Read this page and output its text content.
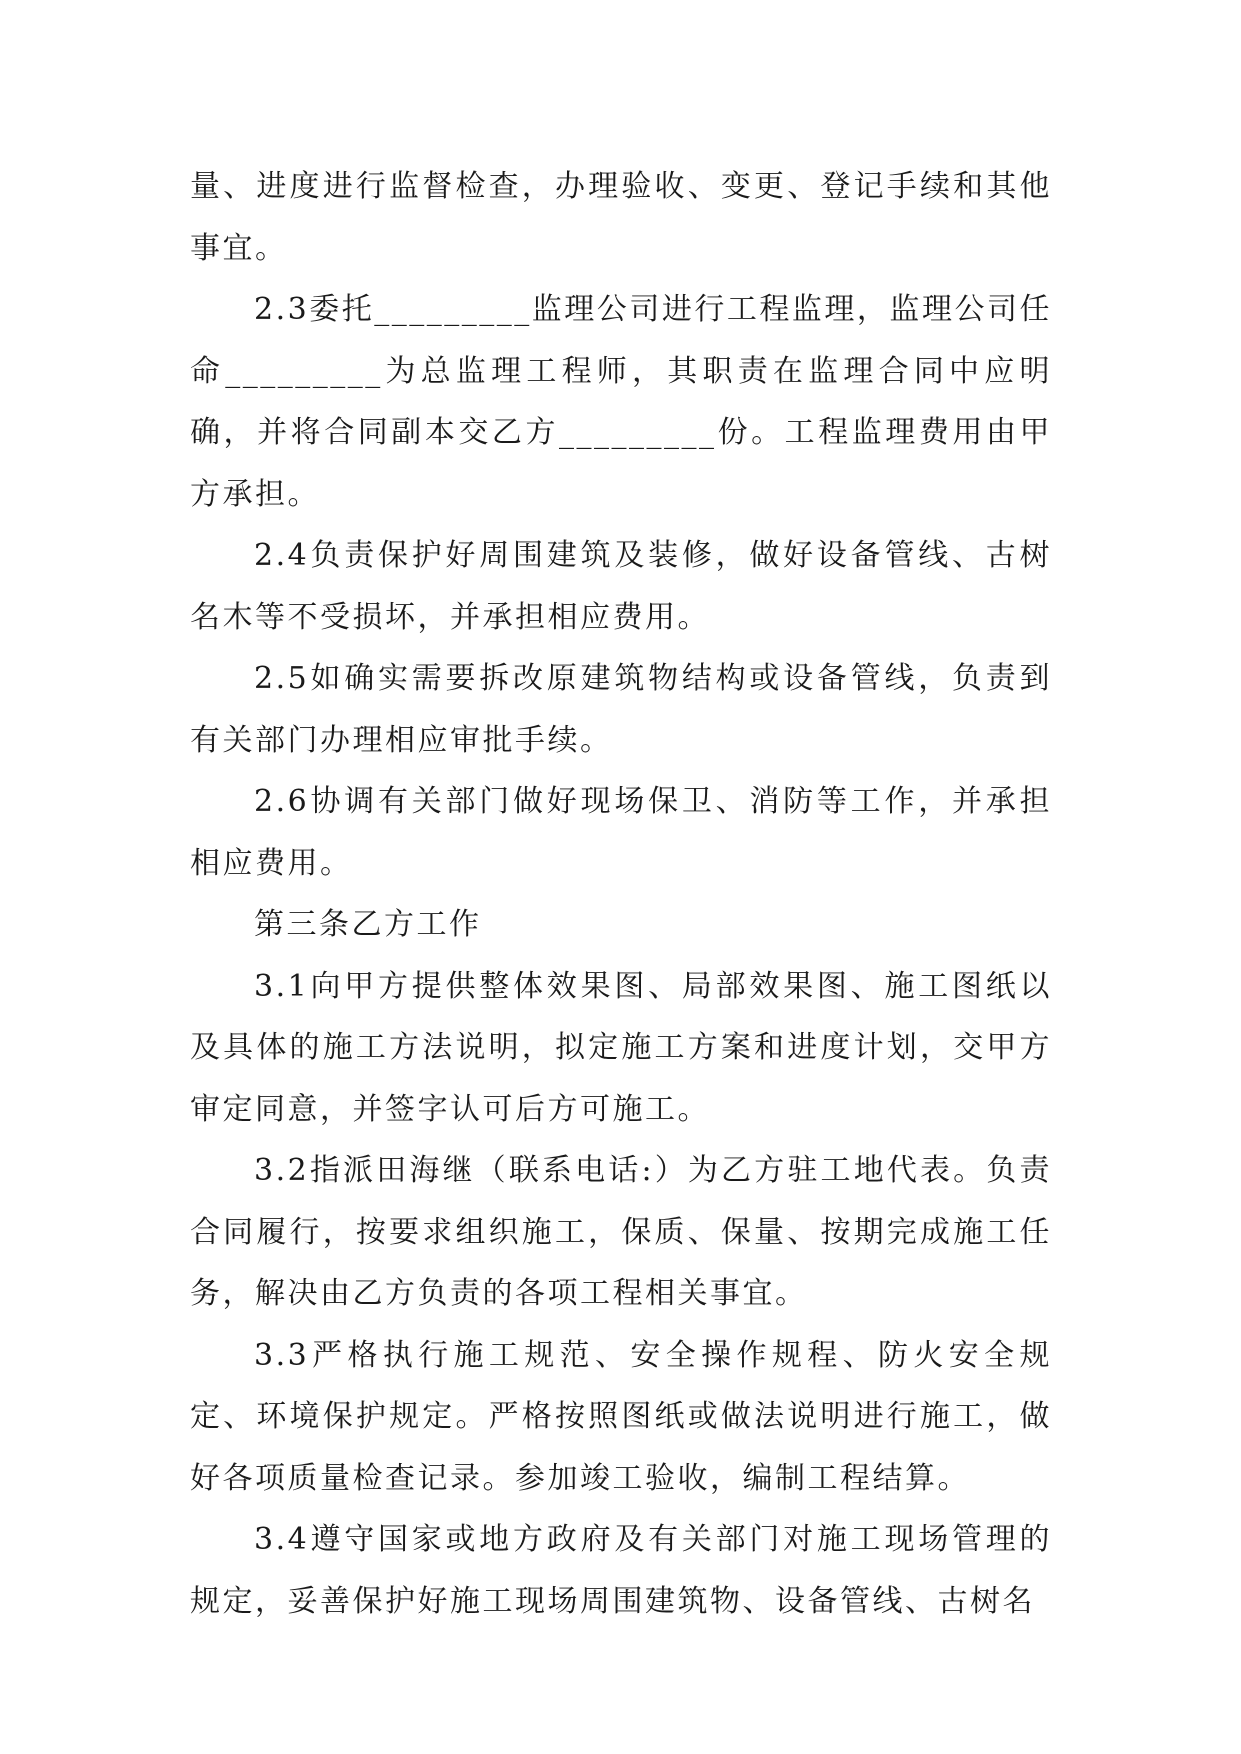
量、进度进行监督检查，办理验收、变更、登记手续和其他事宜。

2.3委托_________监理公司进行工程监理，监理公司任命_________为总监理工程师，其职责在监理合同中应明确，并将合同副本交乙方_________份。工程监理费用由甲方承担。

2.4负责保护好周围建筑及装修，做好设备管线、古树名木等不受损坏，并承担相应费用。

2.5如确实需要拆改原建筑物结构或设备管线，负责到有关部门办理相应审批手续。

2.6协调有关部门做好现场保卫、消防等工作，并承担相应费用。

第三条乙方工作

3.1向甲方提供整体效果图、局部效果图、施工图纸以及具体的施工方法说明，拟定施工方案和进度计划，交甲方审定同意，并签字认可后方可施工。

3.2指派田海继（联系电话:）为乙方驻工地代表。负责合同履行，按要求组织施工，保质、保量、按期完成施工任务，解决由乙方负责的各项工程相关事宜。

3.3严格执行施工规范、安全操作规程、防火安全规定、环境保护规定。严格按照图纸或做法说明进行施工，做好各项质量检查记录。参加竣工验收，编制工程结算。

3.4遵守国家或地方政府及有关部门对施工现场管理的规定，妥善保护好施工现场周围建筑物、设备管线、古树名
